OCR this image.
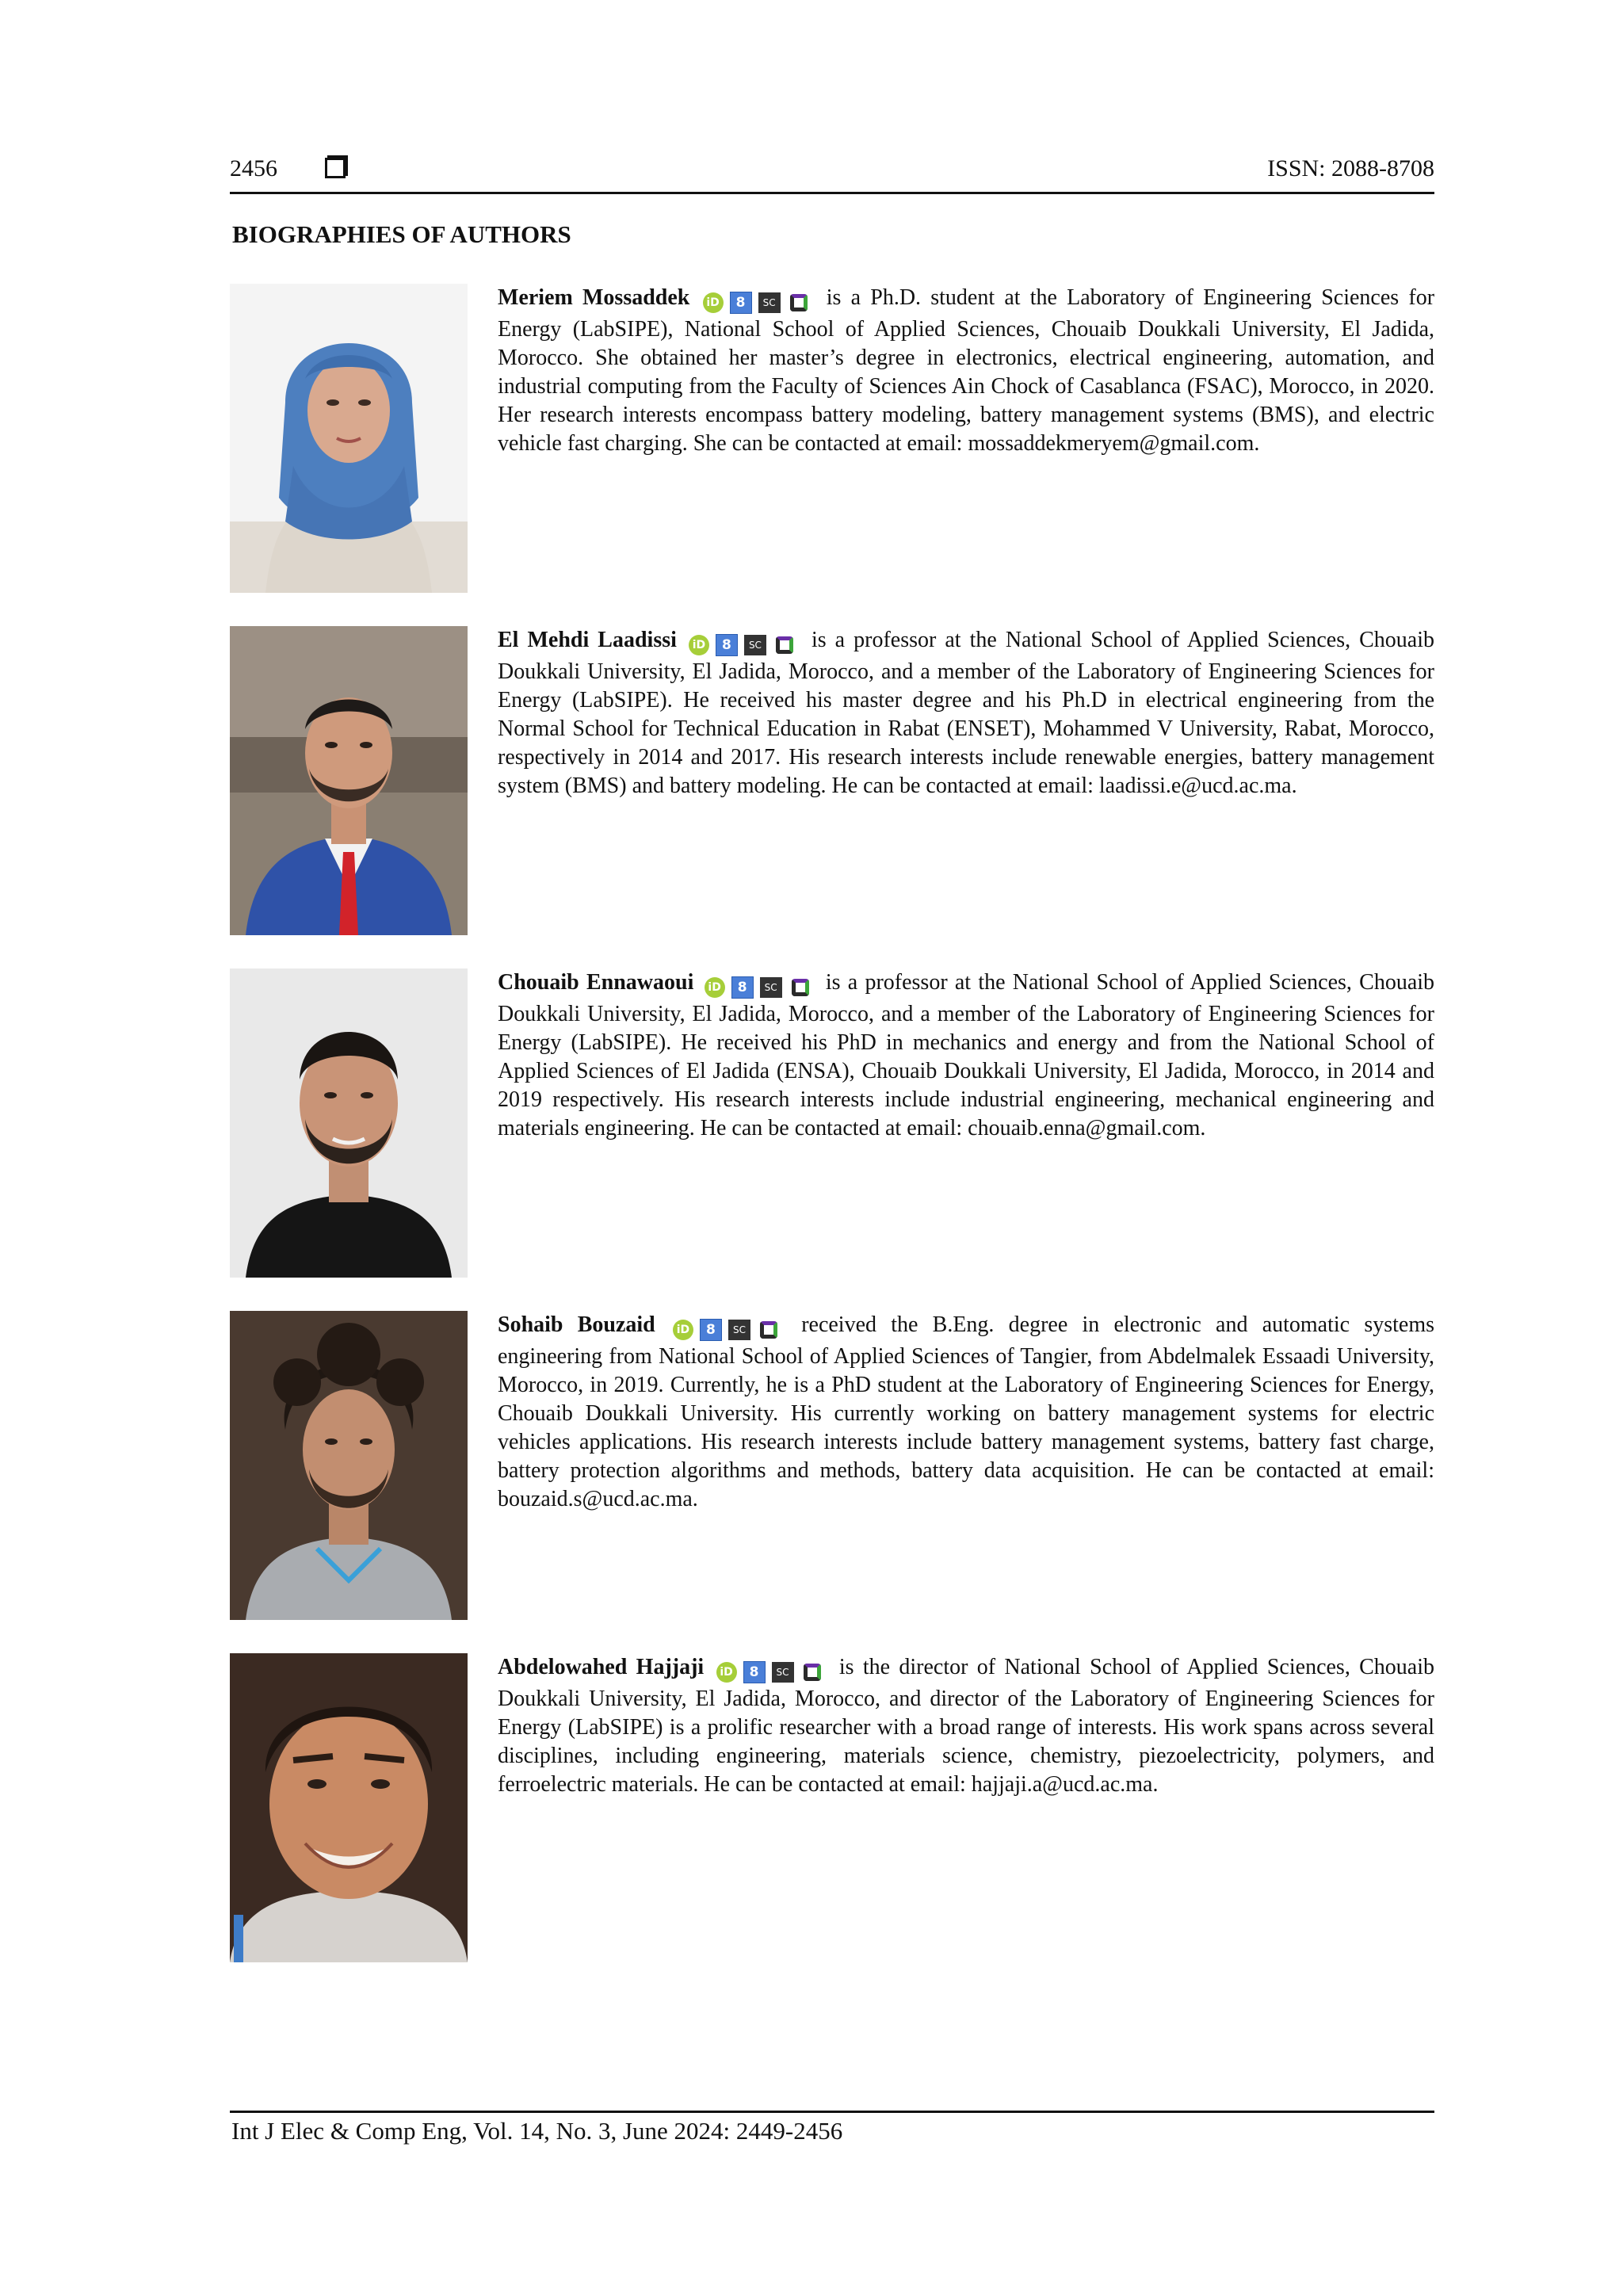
2456	ISSN: 2088-8708
BIOGRAPHIES OF AUTHORS
Meriem Mossaddek iD 8 SC is a Ph.D. student at the Laboratory of Engineering Sciences for Energy (LabSIPE), National School of Applied Sciences, Chouaib Doukkali University, El Jadida, Morocco. She obtained her master’s degree in electronics, electrical engineering, automation, and industrial computing from the Faculty of Sciences Ain Chock of Casablanca (FSAC), Morocco, in 2020. Her research interests encompass battery modeling, battery management systems (BMS), and electric vehicle fast charging. She can be contacted at email: mossaddekmeryem@gmail.com.
El Mehdi Laadissi iD 8 SC is a professor at the National School of Applied Sciences, Chouaib Doukkali University, El Jadida, Morocco, and a member of the Laboratory of Engineering Sciences for Energy (LabSIPE). He received his master degree and his Ph.D in electrical engineering from the Normal School for Technical Education in Rabat (ENSET), Mohammed V University, Rabat, Morocco, respectively in 2014 and 2017. His research interests include renewable energies, battery management system (BMS) and battery modeling. He can be contacted at email: laadissi.e@ucd.ac.ma.
Chouaib Ennawaoui iD 8 SC is a professor at the National School of Applied Sciences, Chouaib Doukkali University, El Jadida, Morocco, and a member of the Laboratory of Engineering Sciences for Energy (LabSIPE). He received his PhD in mechanics and energy and from the National School of Applied Sciences of El Jadida (ENSA), Chouaib Doukkali University, El Jadida, Morocco, in 2014 and 2019 respectively. His research interests include industrial engineering, mechanical engineering and materials engineering. He can be contacted at email: chouaib.enna@gmail.com.
Sohaib Bouzaid iD 8 SC	received the B.Eng. degree in electronic and automatic systems engineering from National School of Applied Sciences of Tangier, from Abdelmalek Essaadi University, Morocco, in 2019. Currently, he is a PhD student at the Laboratory of Engineering Sciences for Energy, Chouaib Doukkali University. His currently working on battery management systems for electric vehicles applications. His research interests include battery management systems, battery fast charge, battery protection algorithms and methods, battery data acquisition. He can be contacted at email: bouzaid.s@ucd.ac.ma.
Abdelowahed Hajjaji iD 8 SC is the director of National School of Applied Sciences, Chouaib Doukkali University, El Jadida, Morocco, and director of the Laboratory of Engineering Sciences for Energy (LabSIPE) is a prolific researcher with a broad range of interests. His work spans across several disciplines, including engineering, materials science, chemistry, piezoelectricity, polymers, and ferroelectric materials. He can be contacted at email: hajjaji.a@ucd.ac.ma.
Int J Elec & Comp Eng, Vol. 14, No. 3, June 2024: 2449-2456
